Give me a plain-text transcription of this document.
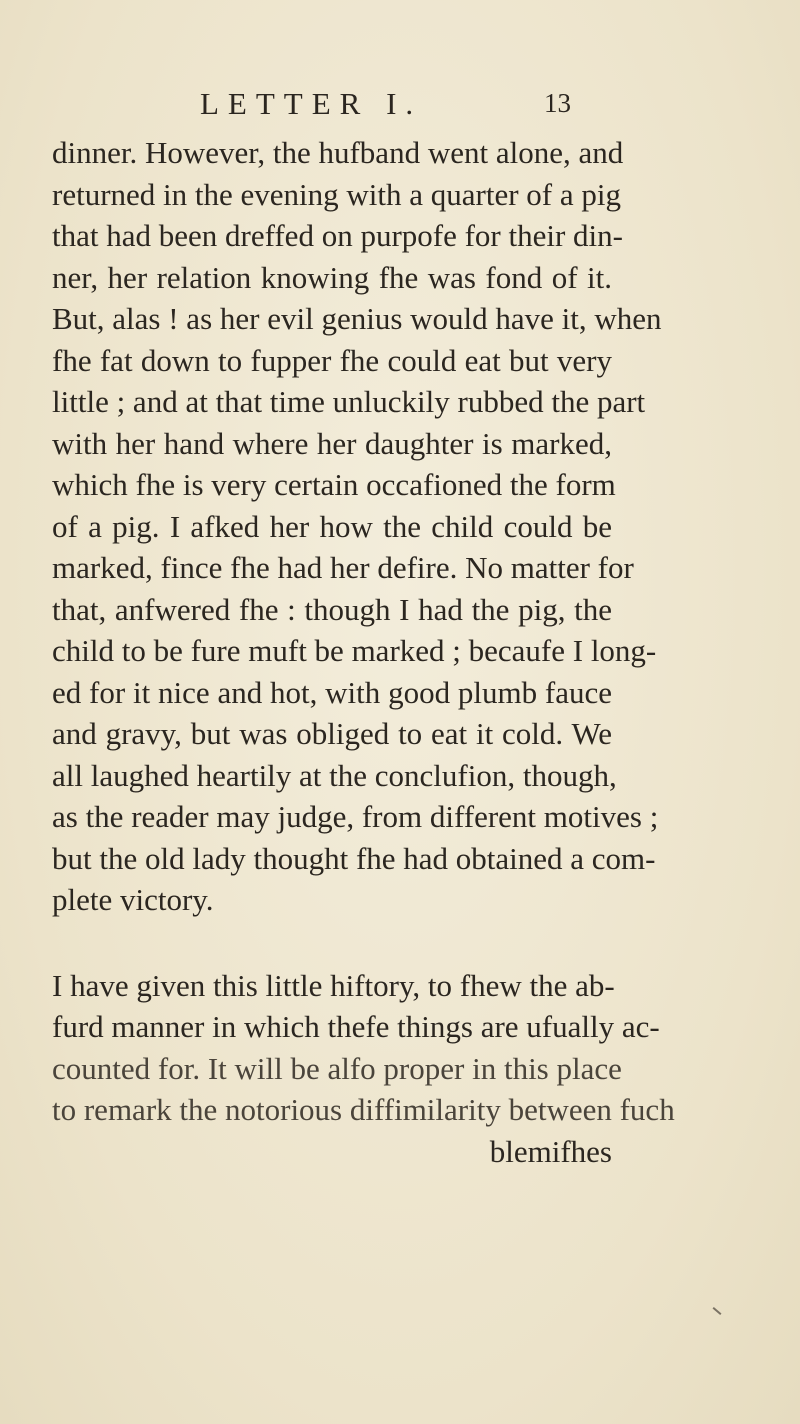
LETTER I.	13
dinner. However, the hufband went alone, and
returned in the evening with a quarter of a pig
that had been dreffed on purpofe for their din-
ner, her relation knowing fhe was fond of it.
But, alas ! as her evil genius would have it, when
fhe fat down to fupper fhe could eat but very
little ; and at that time unluckily rubbed the part
with her hand where her daughter is marked,
which fhe is very certain occafioned the form
of a pig. I afked her how the child could be
marked, fince fhe had her defire. No matter for
that, anfwered fhe : though I had the pig, the
child to be fure muft be marked ; becaufe I long-
ed for it nice and hot, with good plumb fauce
and gravy, but was obliged to eat it cold. We
all laughed heartily at the conclufion, though,
as the reader may judge, from different motives ;
but the old lady thought fhe had obtained a com-
plete victory.
I have given this little hiftory, to fhew the ab-
furd manner in which thefe things are ufually ac-
counted for. It will be alfo proper in this place
to remark the notorious diffimilarity between fuch
blemifhes
